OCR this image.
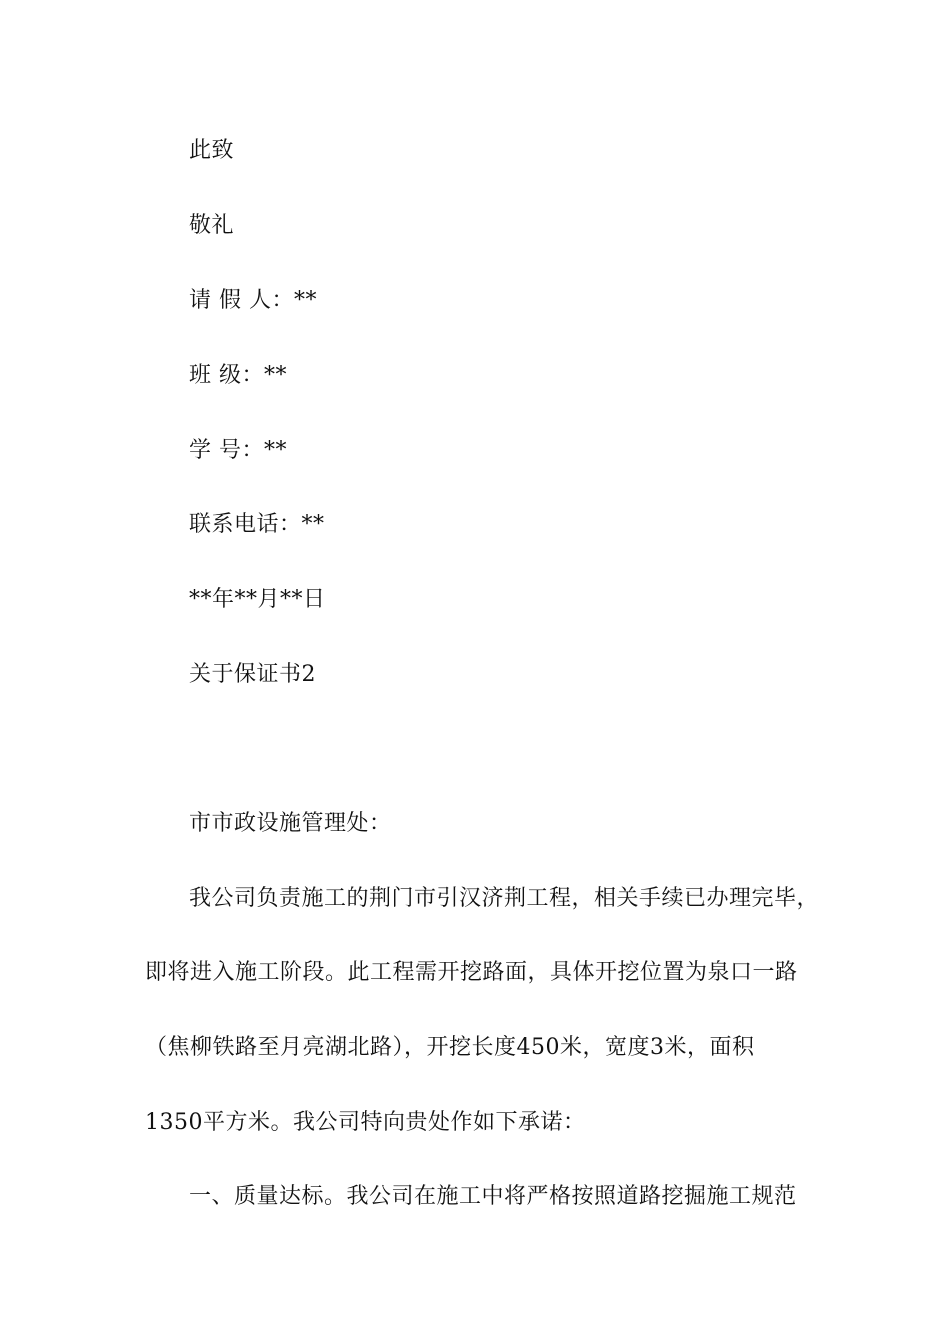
此致
敬礼
请 假 人：**
班 级：**
学 号：**
联系电话：**
**年**月**日
关于保证书2
市市政设施管理处：
我公司负责施工的荆门市引汉济荆工程，相关手续已办理完毕，
即将进入施工阶段。此工程需开挖路面，具体开挖位置为泉口一路
（焦柳铁路至月亮湖北路），开挖长度450米，宽度3米，面积
1350平方米。我公司特向贵处作如下承诺：
一、质量达标。我公司在施工中将严格按照道路挖掘施工规范
